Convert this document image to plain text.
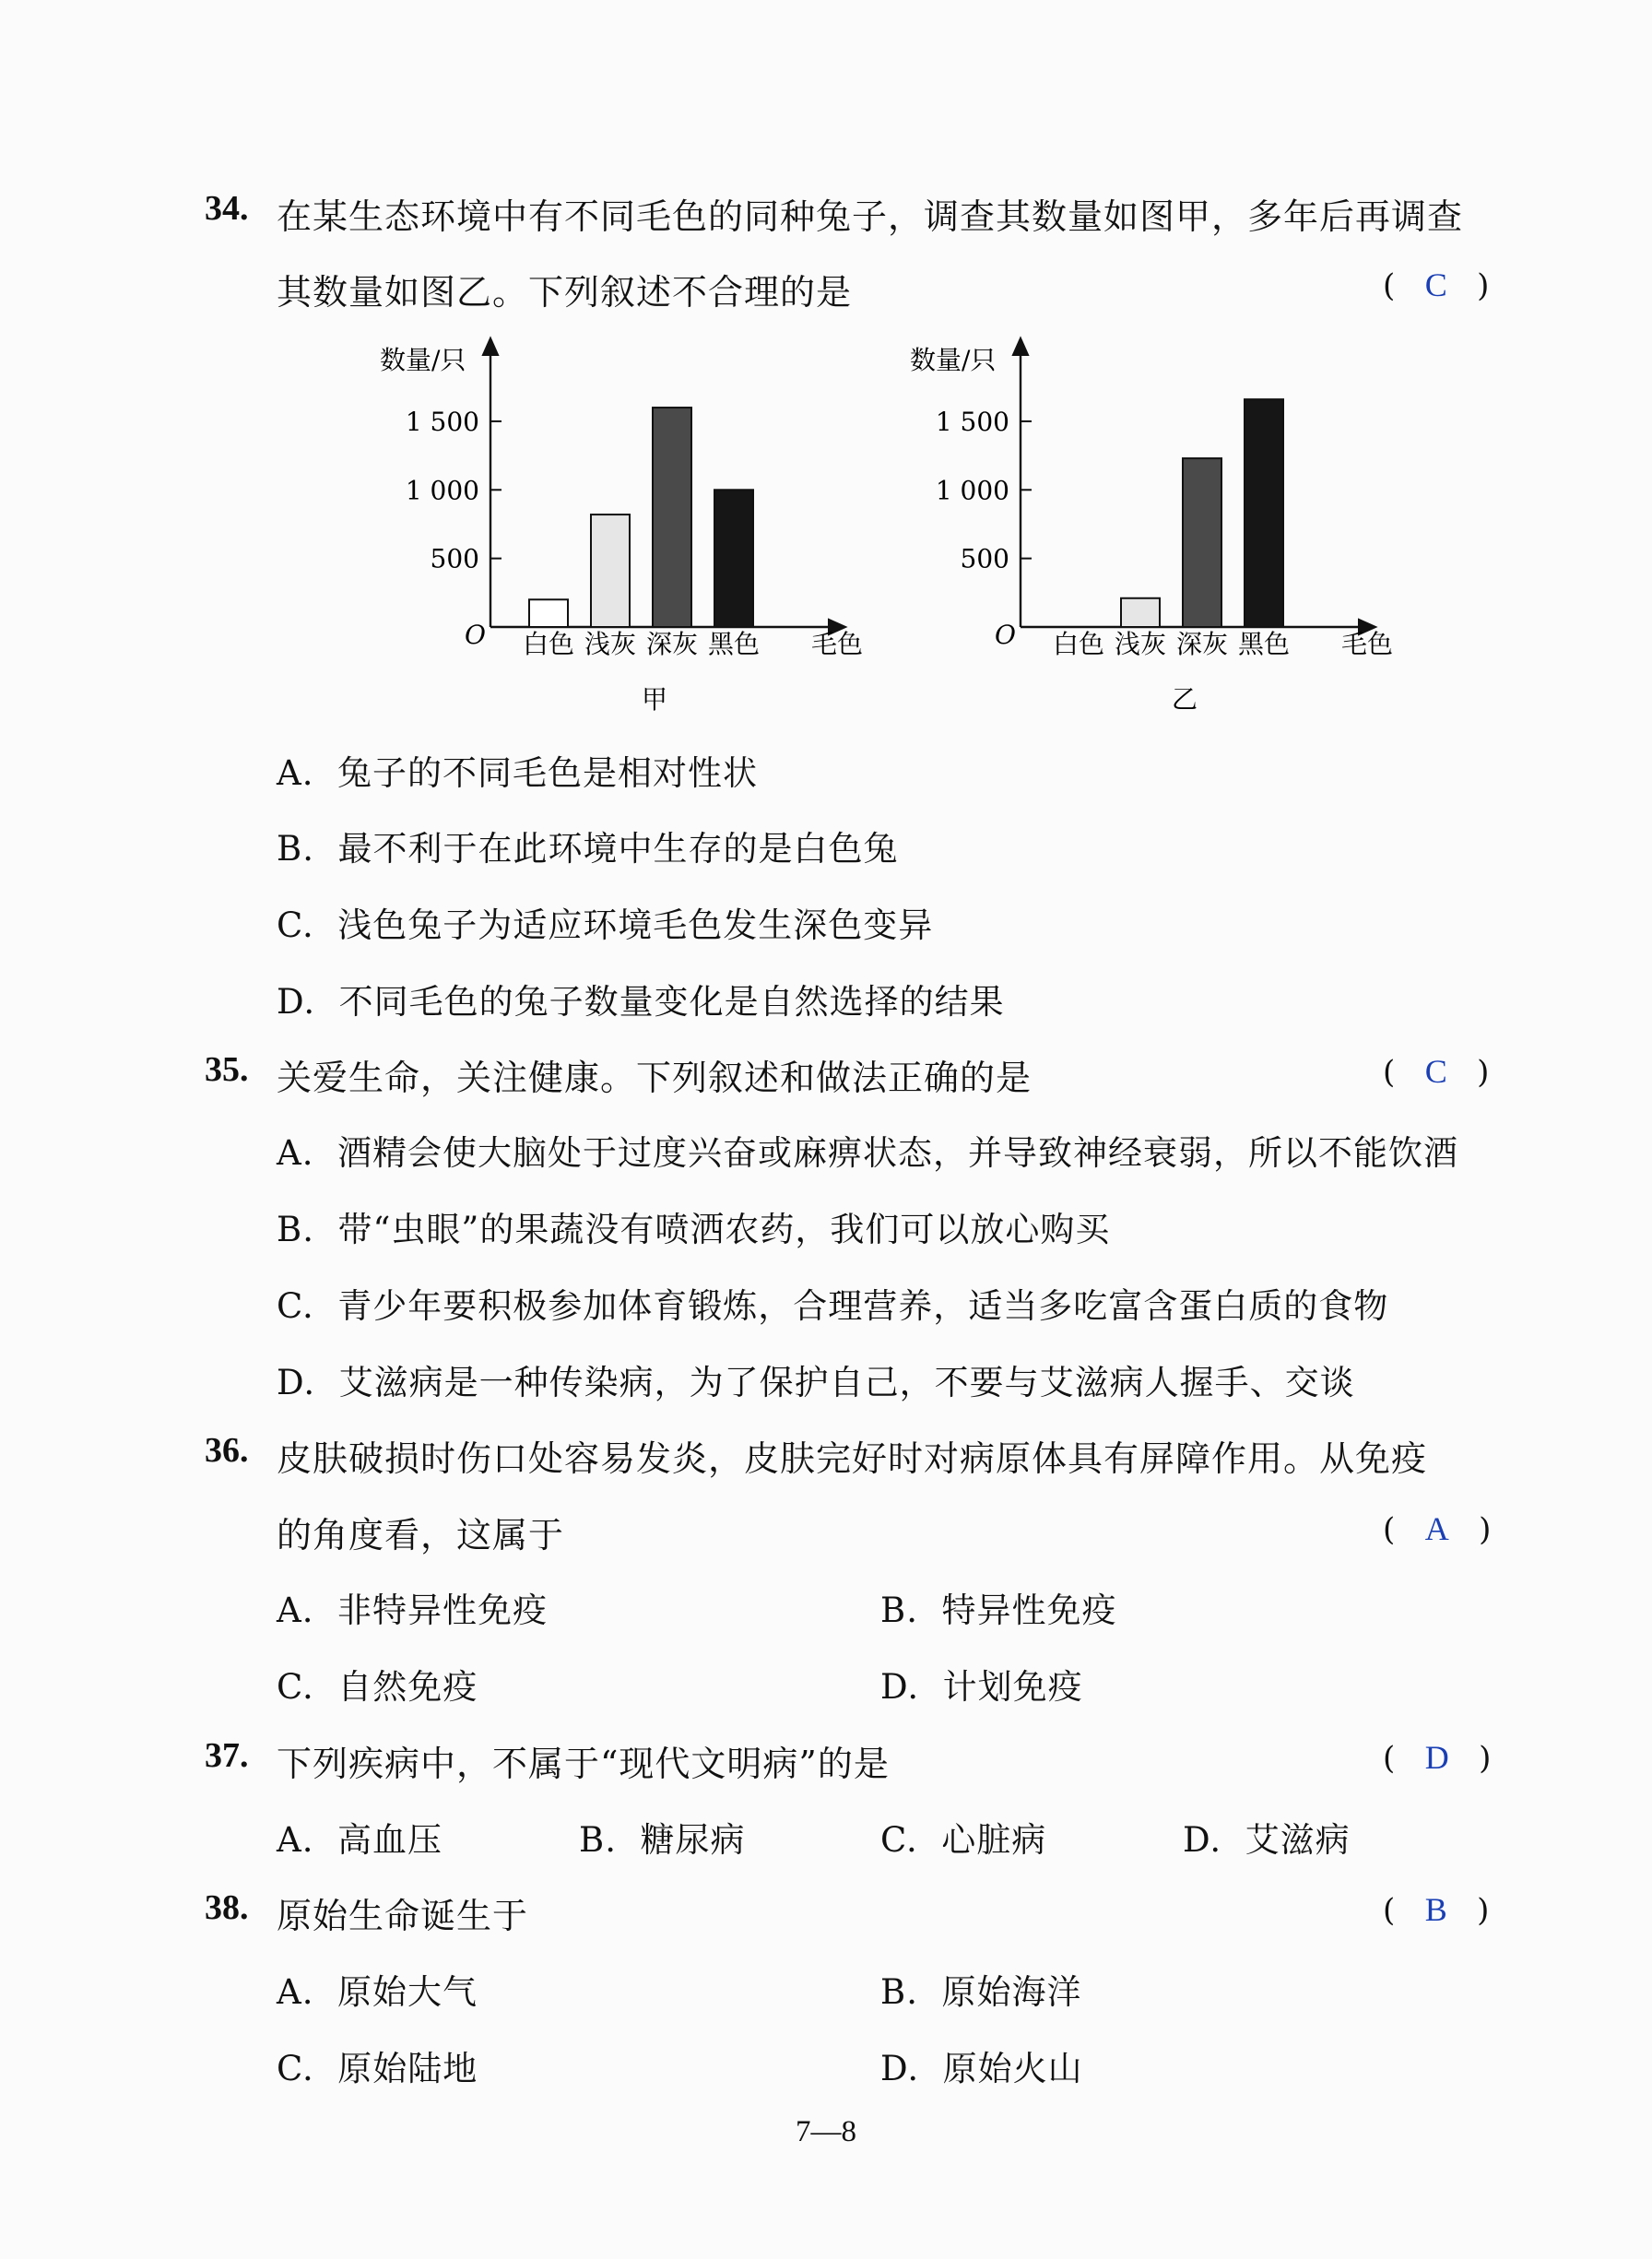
34. 在某生态环境中有不同毛色的同种兔子，调查其数量如图甲，多年后再调查
其数量如图乙。下列叙述不合理的是	(   C   )
数量/只
O	毛色
甲
500
1 000
1 500
白色 浅灰 深灰 黑色
数量/只
O	毛色
乙
500
1 000
1 500
白色 浅灰 深灰 黑色
A. 兔子的不同毛色是相对性状
B. 最不利于在此环境中生存的是白色兔
C. 浅色兔子为适应环境毛色发生深色变异
D. 不同毛色的兔子数量变化是自然选择的结果
35. 关爱生命，关注健康。下列叙述和做法正确的是	(   C   )
A. 酒精会使大脑处于过度兴奋或麻痹状态，并导致神经衰弱，所以不能饮酒
B. 带“虫眼”的果蔬没有喷洒农药，我们可以放心购买
C. 青少年要积极参加体育锻炼，合理营养，适当多吃富含蛋白质的食物
D. 艾滋病是一种传染病，为了保护自己，不要与艾滋病人握手、交谈
36. 皮肤破损时伤口处容易发炎，皮肤完好时对病原体具有屏障作用。从免疫
的角度看，这属于	(   A   )
A. 非特异性免疫	B. 特异性免疫
C. 自然免疫	D. 计划免疫
37. 下列疾病中，不属于“现代文明病”的是	(   D   )
A. 高血压	B. 糖尿病	C. 心脏病	D. 艾滋病
38. 原始生命诞生于	(   B   )
A. 原始大气	B. 原始海洋
C. 原始陆地	D. 原始火山
7—8
